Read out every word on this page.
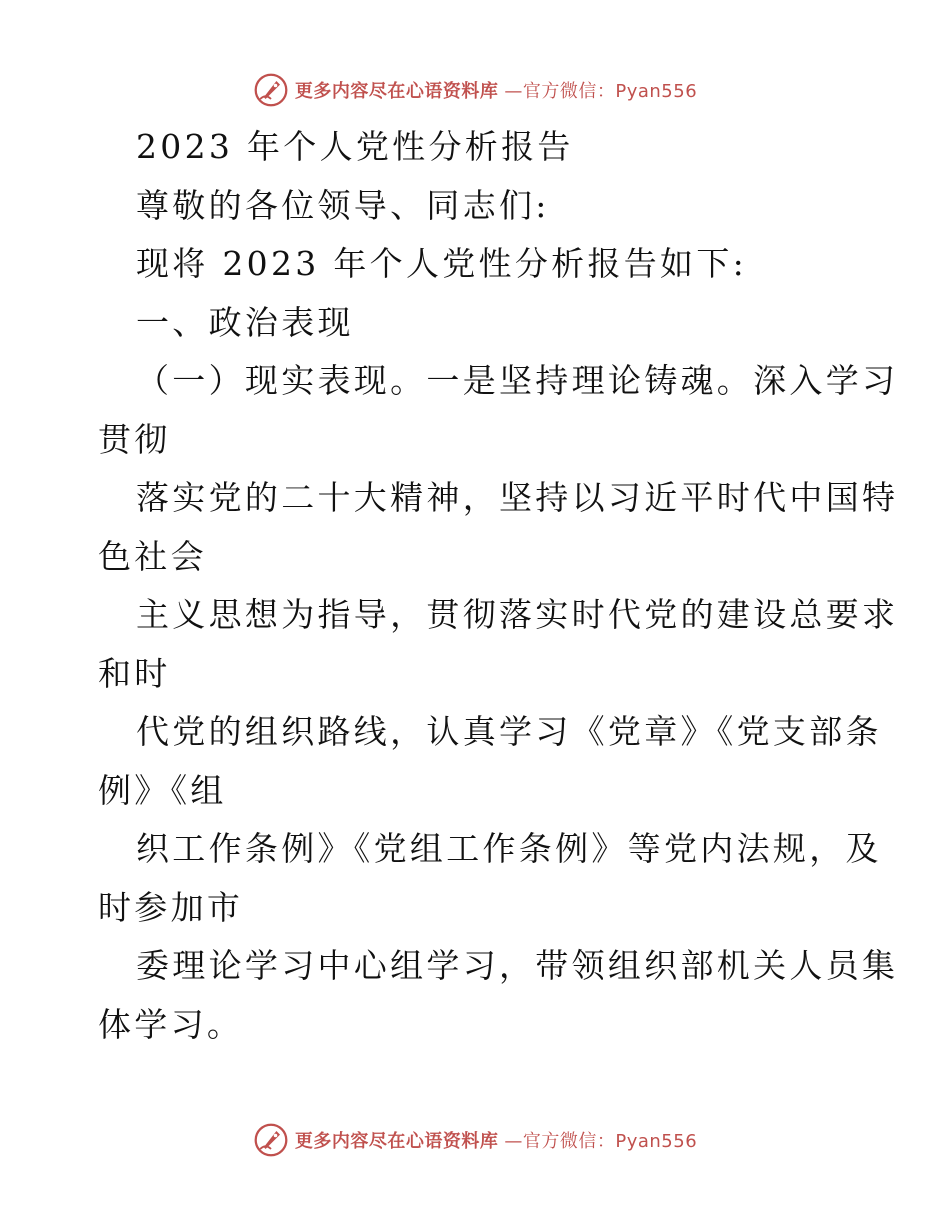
更多内容尽在心语资料库 —官方微信：Pyan556
2023 年个人党性分析报告
尊敬的各位领导、同志们:
现将 2023 年个人党性分析报告如下:
一、政治表现
（一）现实表现。一是坚持理论铸魂。深入学习
贯彻
落实党的二十大精神，坚持以习近平时代中国特
色社会
主义思想为指导，贯彻落实时代党的建设总要求
和时
代党的组织路线，认真学习《党章》《党支部条
例》《组
织工作条例》《党组工作条例》等党内法规，及
时参加市
委理论学习中心组学习，带领组织部机关人员集
体学习。
更多内容尽在心语资料库 —官方微信：Pyan556
